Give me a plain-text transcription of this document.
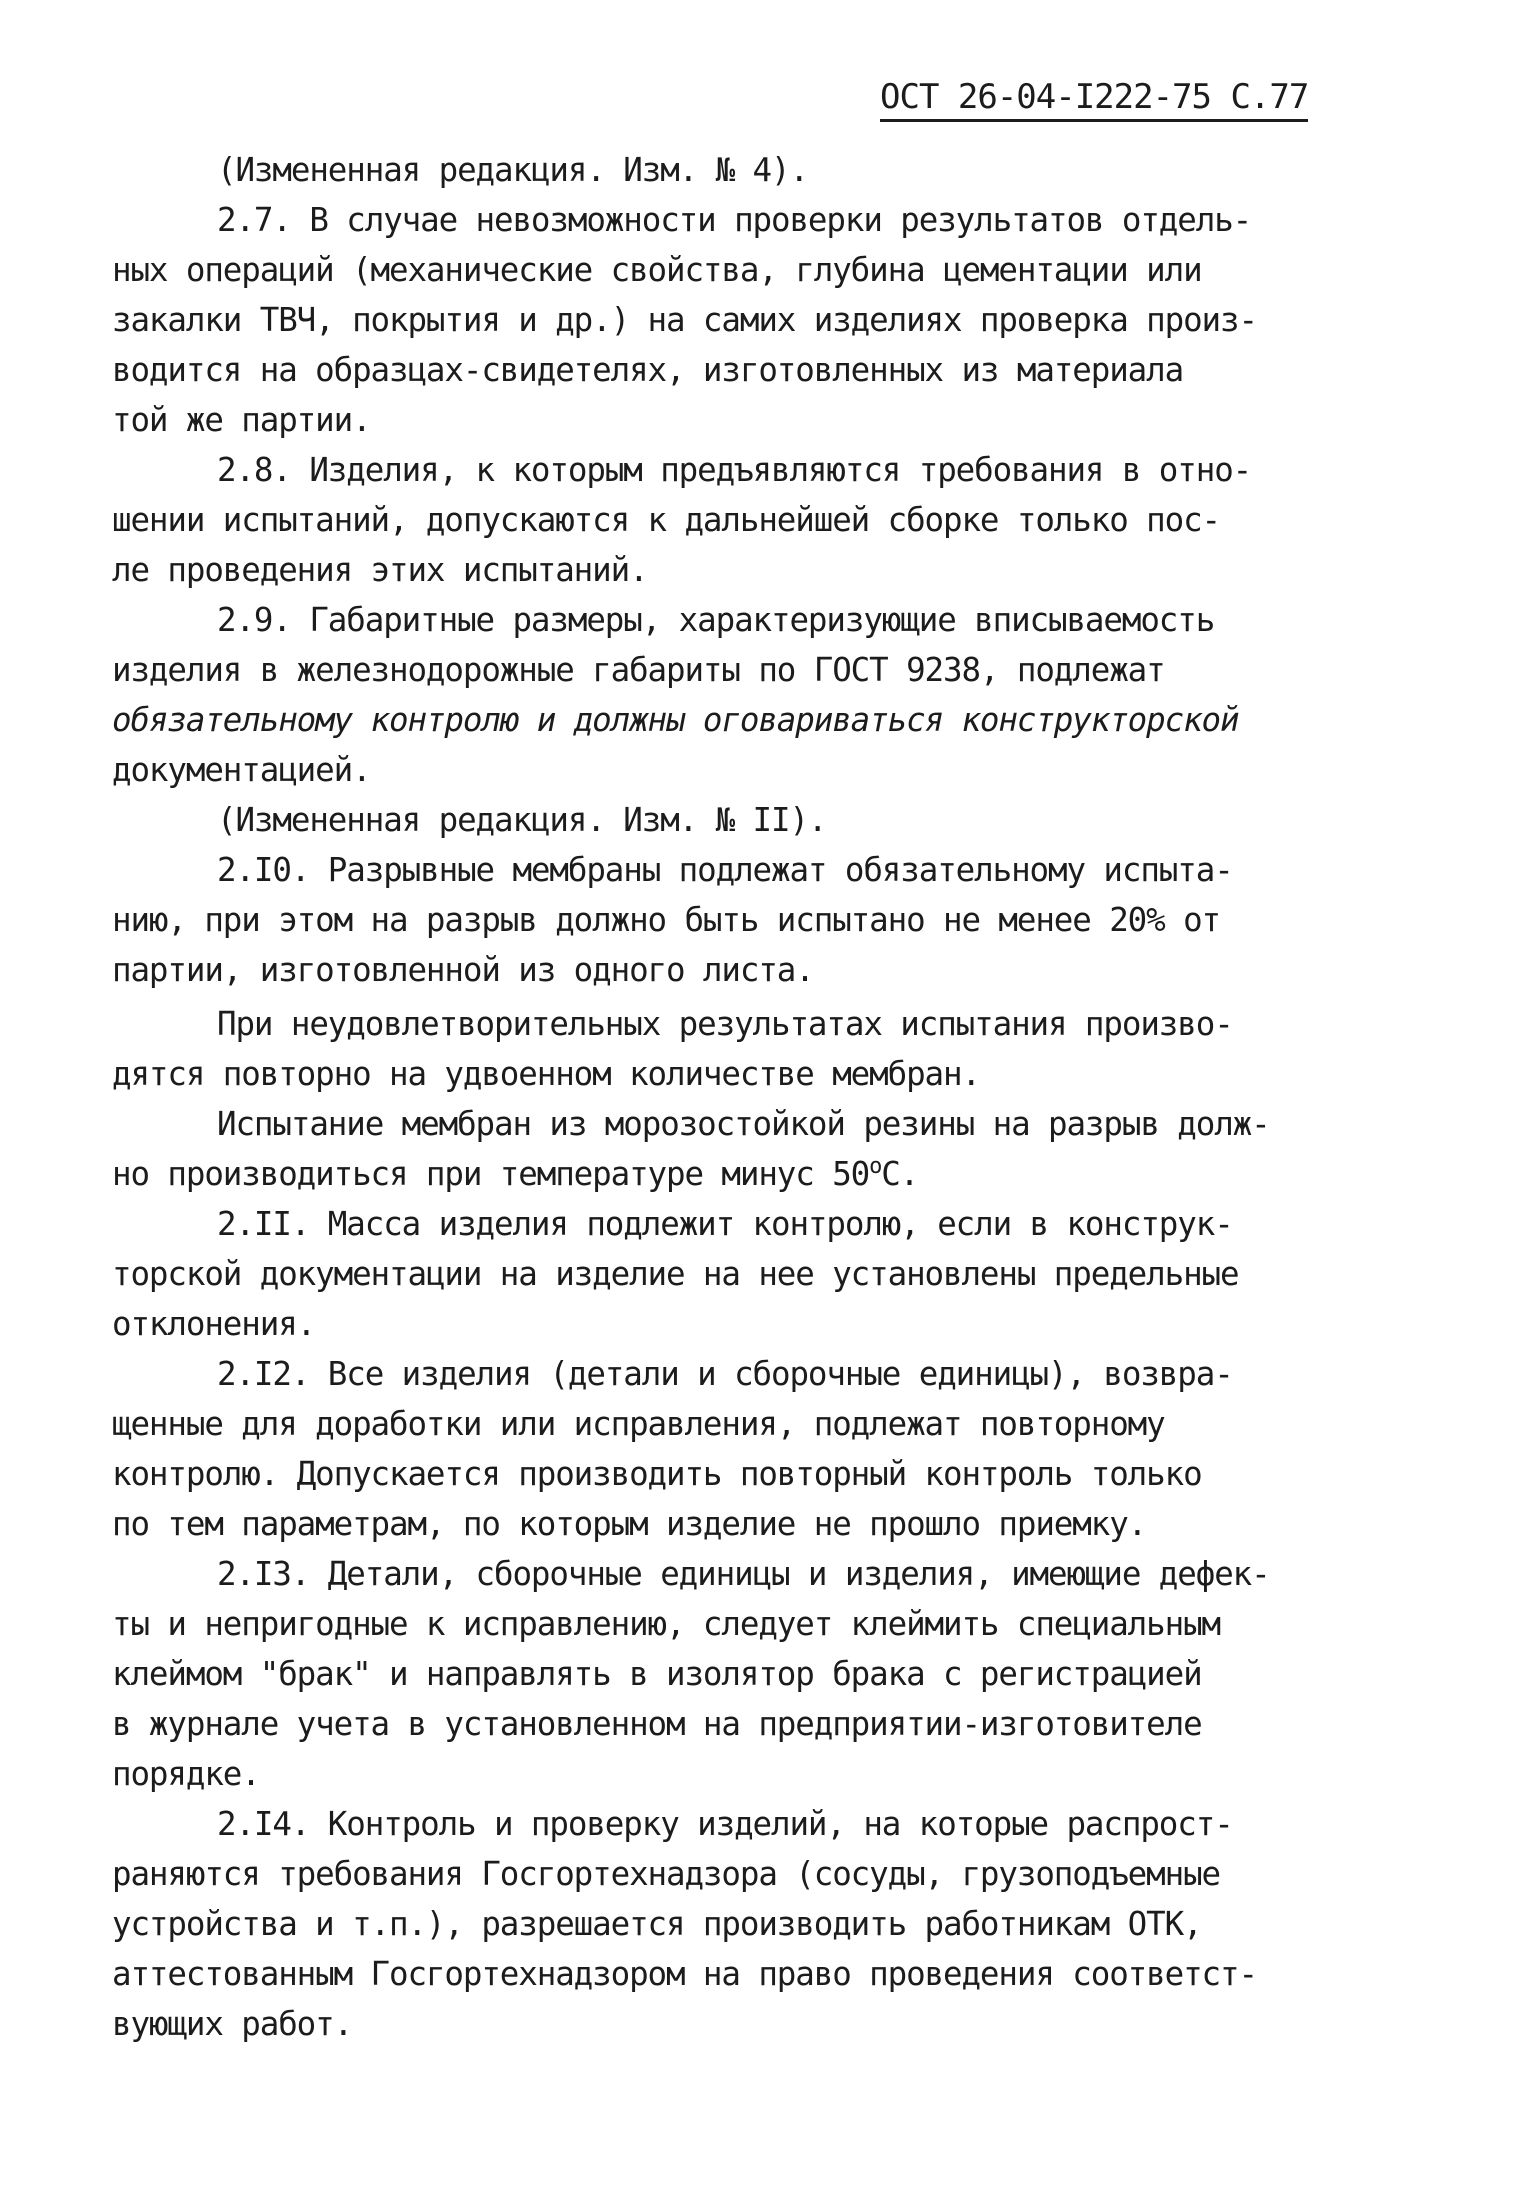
ОСТ 26-04-I222-75 С.77
(Измененная редакция. Изм. № 4).
2.7. В случае невозможности проверки результатов отдель-
ных операций (механические свойства, глубина цементации или
закалки ТВЧ, покрытия и др.) на самих изделиях проверка произ-
водится на образцах-свидетелях, изготовленных из материала
той же партии.
2.8. Изделия, к которым предъявляются требования в отно-
шении испытаний, допускаются к дальнейшей сборке только пос-
ле проведения этих испытаний.
2.9. Габаритные размеры, характеризующие вписываемость
изделия в железнодорожные габариты по ГОСТ 9238, подлежат
обязательному контролю и должны оговариваться конструкторской
документацией.
(Измененная редакция. Изм. № II).
2.I0. Разрывные мембраны подлежат обязательному испыта-
нию, при этом на разрыв должно быть испытано не менее 20% от
партии, изготовленной из одного листа.
При неудовлетворительных результатах испытания произво-
дятся повторно на удвоенном количестве мембран.
Испытание мембран из морозостойкой резины на разрыв долж-
но производиться при температуре минус $50^оС$.
2.II. Масса изделия подлежит контролю, если в конструк-
торской документации на изделие на нее установлены предельные
отклонения.
2.I2. Все изделия (детали и сборочные единицы), возвра-
щенные для доработки или исправления, подлежат повторному
контролю. Допускается производить повторный контроль только
по тем параметрам, по которым изделие не прошло приемку.
2.I3. Детали, сборочные единицы и изделия, имеющие дефек-
ты и непригодные к исправлению, следует клеймить специальным
клеймом "брак" и направлять в изолятор брака с регистрацией
в журнале учета в установленном на предприятии-изготовителе
порядке.
2.I4. Контроль и проверку изделий, на которые распрост-
раняются требования Госгортехнадзора (сосуды, грузоподъемные
устройства и т.п.), разрешается производить работникам ОТК,
аттестованным Госгортехнадзором на право проведения соответст-
вующих работ.
